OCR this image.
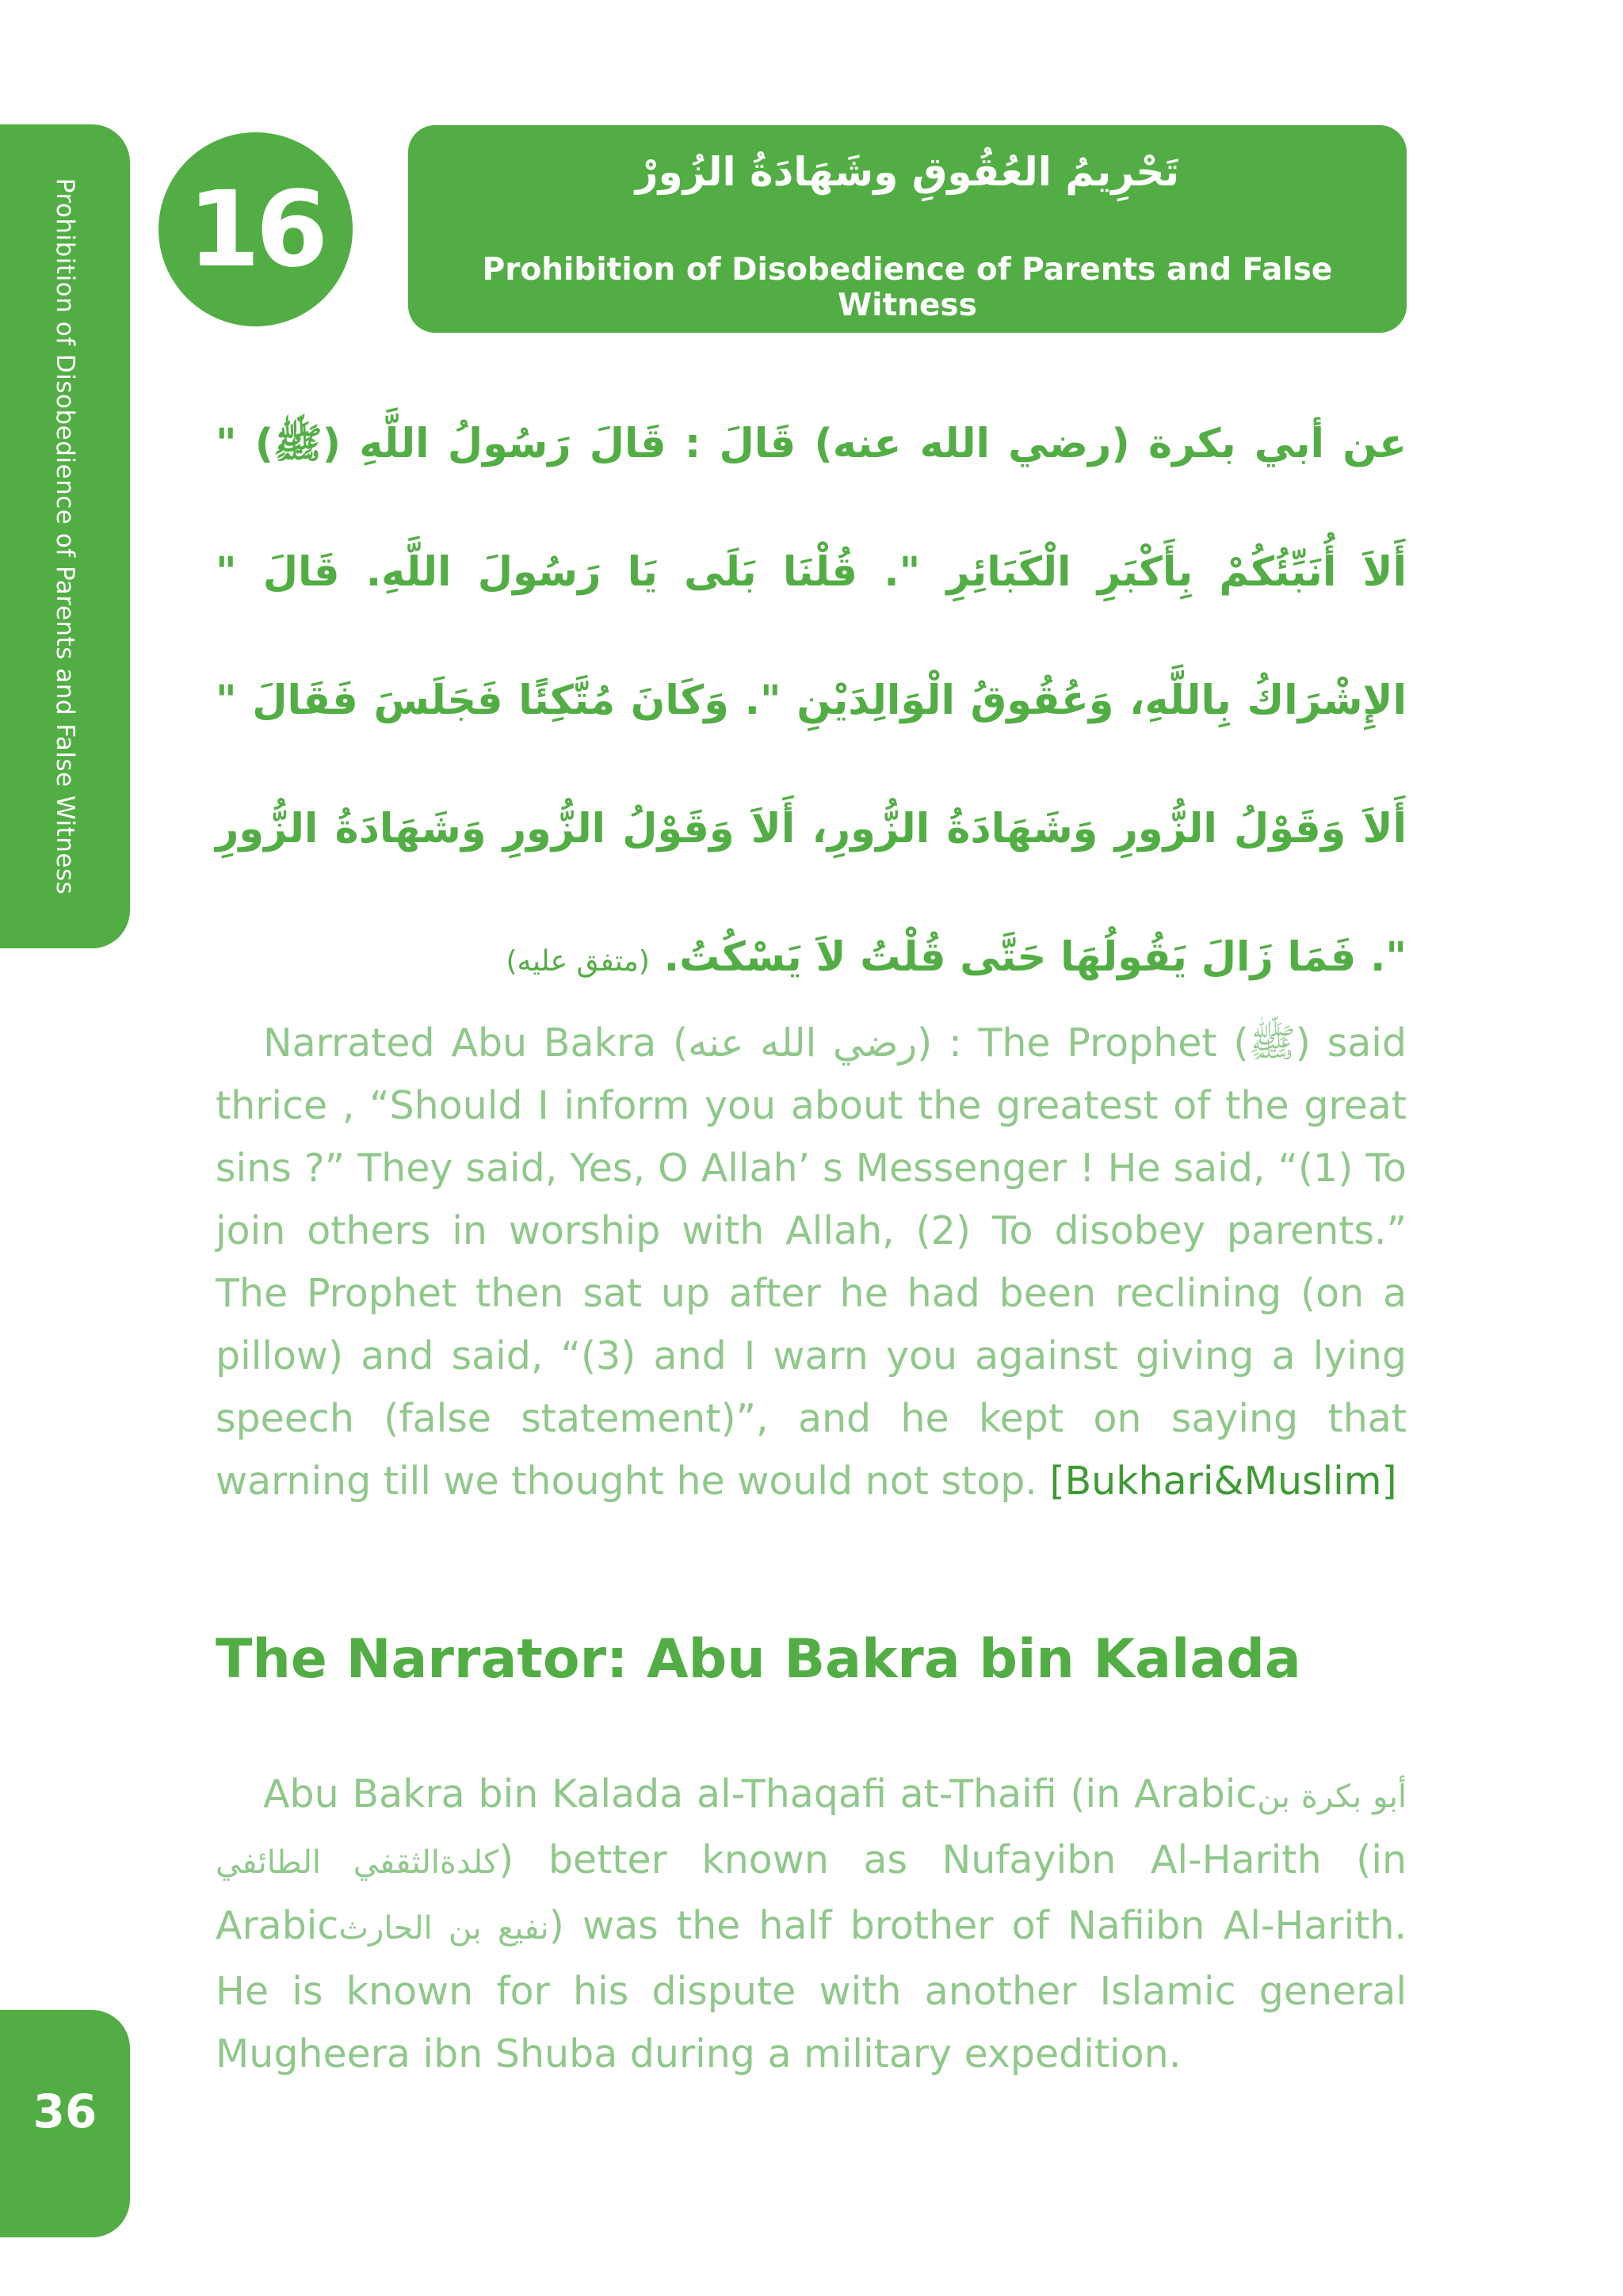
Prohibition of Disobedience of Parents and False Witness 16	تَحْرِيمُ العُقُوقِ وشَهَادَةُ الزُورْ
Prohibition of Disobedience of Parents and False Witness
عن أبي بكرة (رضي الله عنه) قَالَ : قَالَ رَسُولُ اللَّهِ (ﷺ) " أَلاَ أُنَبِّئُكُمْ بِأَكْبَرِ الْكَبَائِرِ ". قُلْنَا بَلَى يَا رَسُولَ اللَّهِ. قَالَ " الإِشْرَاكُ بِاللَّهِ، وَعُقُوقُ الْوَالِدَيْنِ ". وَكَانَ مُتَّكِئًا فَجَلَسَ فَقَالَ " أَلاَ وَقَوْلُ الزُّورِ وَشَهَادَةُ الزُّورِ، أَلاَ وَقَوْلُ الزُّورِ وَشَهَادَةُ الزُّورِ ". فَمَا زَالَ يَقُولُهَا حَتَّى قُلْتُ لاَ يَسْكُتُ. (متفق عليه)
Narrated Abu Bakra (رضي الله عنه) : The Prophet (ﷺ) said thrice , “Should I inform you about the greatest of the great sins ?” They said, Yes, O Allah’ s Messenger ! He said, “(1) To join others in worship with Allah, (2) To disobey parents.” The Prophet then sat up after he had been reclining (on a pillow) and said, “(3) and I warn you against giving a lying speech (false statement)”, and he kept on saying that warning till we thought he would not stop. [Bukhari&Muslim]
The Narrator: Abu Bakra bin Kalada
Abu Bakra bin Kalada al-Thaqafi at-Thaifi (in Arabicأبو بكرة بن كلدةالثقفي الطائفي) better known as Nufayibn Al-Harith (in Arabicنفيع بن الحارث) was the half brother of Nafiibn Al-Harith. He is known for his dispute with another Islamic general Mugheera ibn Shuba during a military expedition.
36
